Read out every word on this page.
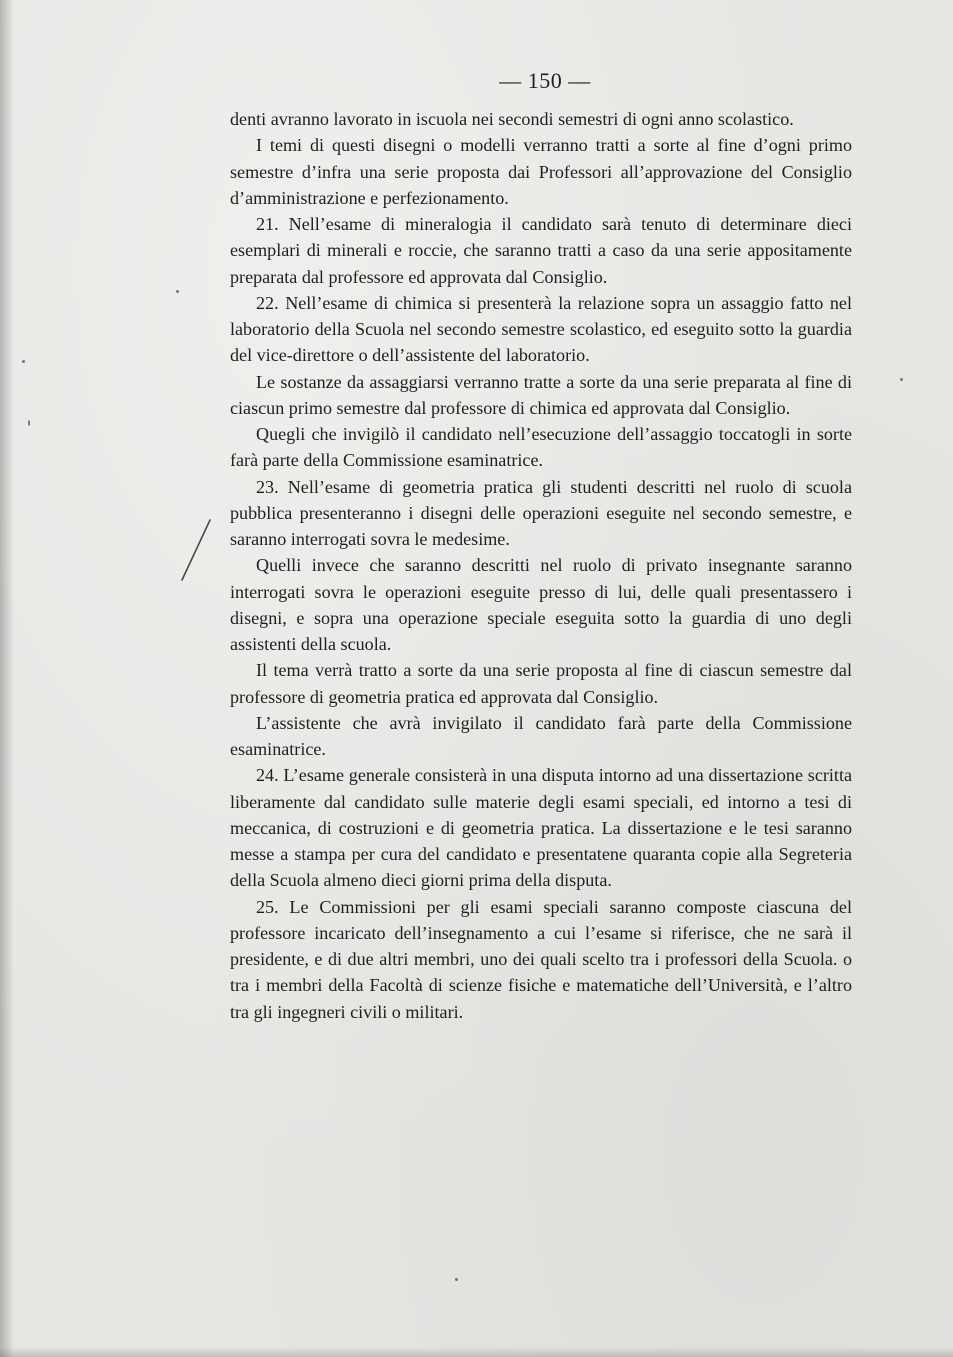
— 150 —

denti avranno lavorato in iscuola nei secondi semestri di ogni anno scolastico.

I temi di questi disegni o modelli verranno tratti a sorte al fine d’ogni primo semestre d’infra una serie proposta dai Professori all’approvazione del Consiglio d’amministrazione e perfezionamento.

21. Nell’esame di mineralogia il candidato sarà tenuto di determinare dieci esemplari di minerali e roccie, che saranno tratti a caso da una serie appositamente preparata dal professore ed approvata dal Consiglio.

22. Nell’esame di chimica si presenterà la relazione sopra un assaggio fatto nel laboratorio della Scuola nel secondo semestre scolastico, ed eseguito sotto la guardia del vice-direttore o dell’assistente del laboratorio.

Le sostanze da assaggiarsi verranno tratte a sorte da una serie preparata al fine di ciascun primo semestre dal professore di chimica ed approvata dal Consiglio.

Quegli che invigilò il candidato nell’esecuzione dell’assaggio toccatogli in sorte farà parte della Commissione esaminatrice.

23. Nell’esame di geometria pratica gli studenti descritti nel ruolo di scuola pubblica presenteranno i disegni delle operazioni eseguite nel secondo semestre, e saranno interrogati sovra le medesime.

Quelli invece che saranno descritti nel ruolo di privato insegnante saranno interrogati sovra le operazioni eseguite presso di lui, delle quali presentassero i disegni, e sopra una operazione speciale eseguita sotto la guardia di uno degli assistenti della scuola.

Il tema verrà tratto a sorte da una serie proposta al fine di ciascun semestre dal professore di geometria pratica ed approvata dal Consiglio.

L’assistente che avrà invigilato il candidato farà parte della Commissione esaminatrice.

24. L’esame generale consisterà in una disputa intorno ad una dissertazione scritta liberamente dal candidato sulle materie degli esami speciali, ed intorno a tesi di meccanica, di costruzioni e di geometria pratica. La dissertazione e le tesi saranno messe a stampa per cura del candidato e presentatene quaranta copie alla Segreteria della Scuola almeno dieci giorni prima della disputa.

25. Le Commissioni per gli esami speciali saranno composte ciascuna del professore incaricato dell’insegnamento a cui l’esame si riferisce, che ne sarà il presidente, e di due altri membri, uno dei quali scelto tra i professori della Scuola. o tra i membri della Facoltà di scienze fisiche e matematiche dell’Università, e l’altro tra gli ingegneri civili o militari.
